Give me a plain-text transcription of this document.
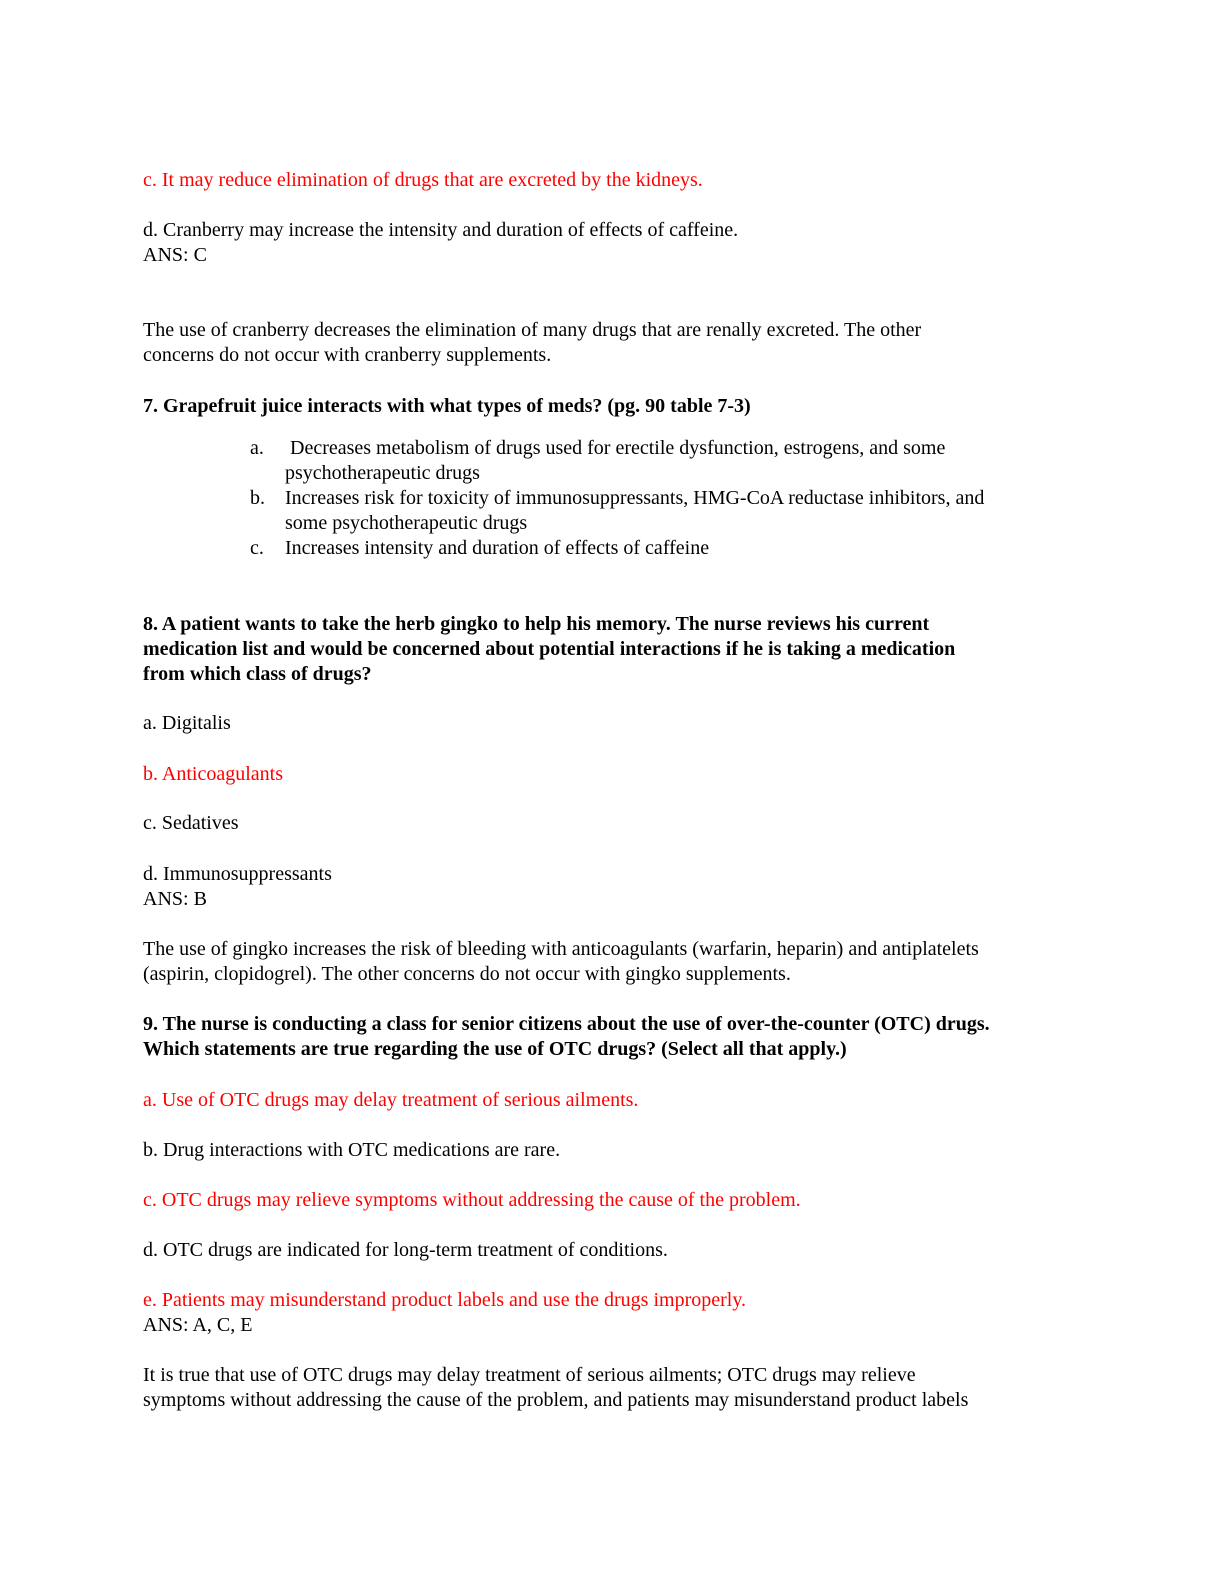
c. It may reduce elimination of drugs that are excreted by the kidneys.
d. Cranberry may increase the intensity and duration of effects of caffeine.
ANS: C
The use of cranberry decreases the elimination of many drugs that are renally excreted. The other
concerns do not occur with cranberry supplements.
7. Grapefruit juice interacts with what types of meds? (pg. 90 table 7-3)
a. Decreases metabolism of drugs used for erectile dysfunction, estrogens, and some
psychotherapeutic drugs
b. Increases risk for toxicity of immunosuppressants, HMG-CoA reductase inhibitors, and
some psychotherapeutic drugs
c. Increases intensity and duration of effects of caffeine
8. A patient wants to take the herb gingko to help his memory. The nurse reviews his current
medication list and would be concerned about potential interactions if he is taking a medication
from which class of drugs?
a. Digitalis
b. Anticoagulants
c. Sedatives
d. Immunosuppressants
ANS: B
The use of gingko increases the risk of bleeding with anticoagulants (warfarin, heparin) and antiplatelets
(aspirin, clopidogrel). The other concerns do not occur with gingko supplements.
9. The nurse is conducting a class for senior citizens about the use of over-the-counter (OTC) drugs.
Which statements are true regarding the use of OTC drugs? (Select all that apply.)
a. Use of OTC drugs may delay treatment of serious ailments.
b. Drug interactions with OTC medications are rare.
c. OTC drugs may relieve symptoms without addressing the cause of the problem.
d. OTC drugs are indicated for long-term treatment of conditions.
e. Patients may misunderstand product labels and use the drugs improperly.
ANS: A, C, E
It is true that use of OTC drugs may delay treatment of serious ailments; OTC drugs may relieve
symptoms without addressing the cause of the problem, and patients may misunderstand product labels
